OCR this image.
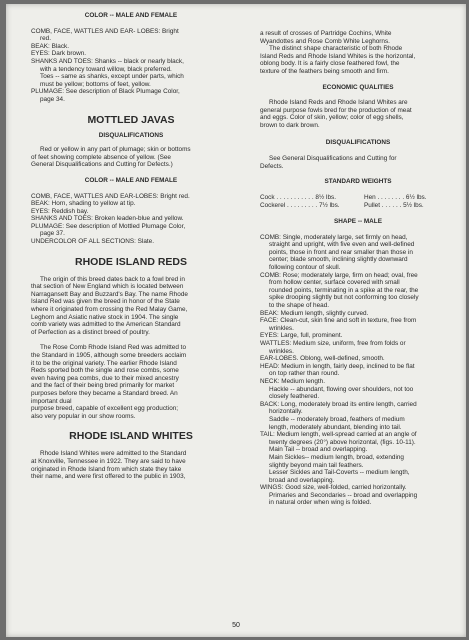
COLOR -- MALE AND FEMALE

COMB, FACE, WATTLES AND EAR- LOBES: Bright

red.

BEAK: Black.

EYES: Dark brown.

SHANKS AND TOES: Shanks -- black or nearly black,

with a tendency toward willow, black preferred.

Toes -- same as shanks, except under parts, which

must be yellow; bottoms of feet, yellow.

PLUMAGE: See description of Black Plumage Color,

page 34.

MOTTLED JAVAS

DISQUALIFICATIONS

Red or yellow in any part of plumage; skin or bottoms

of feet showing complete absence of yellow. (See

General Disqualifications and Cutting for Defects.)

COLOR -- MALE AND FEMALE

COMB, FACE, WATTLES AND EAR-LOBES: Bright red.

BEAK: Horn, shading to yellow at tip.

EYES: Reddish bay.

SHANKS AND TOES: Broken leaden-blue and yellow.

PLUMAGE: See description of Mottled Plumage Color,

page 37.

UNDERCOLOR OF ALL SECTIONS: Slate.

RHODE ISLAND REDS

The origin of this breed dates back to a fowl bred in

that section of New England which is located between

Narragansett Bay and Buzzard's Bay. The name Rhode

Island Red was given the breed in honor of the State

where it originated from crossing the Red Malay Game,

Leghorn and Asiatic native stock in 1904. The single

comb variety was admitted to the American Standard

of Perfection as a distinct breed of poultry.

The Rose Comb Rhode Island Red was admitted to

the Standard in 1905, although some breeders acclaim

it to be the original variety. The earlier Rhode Island

Reds sported both the single and rose combs, some

even having pea combs, due to their mixed ancestry

and the fact of their being bred primarily for market

purposes before they became a Standard breed. An

important dual

purpose breed, capable of excellent egg production;

also very popular in our show rooms.

RHODE ISLAND WHITES

Rhode Island Whites were admitted to the Standard

at Knoxville, Tennessee in 1922. They are said to have

originated in Rhode Island from which state they take

their name, and were first offered to the public in 1903,

a result of crosses of Partridge Cochins, White

Wyandottes and Rose Comb White Leghorns.

The distinct shape characteristic of both Rhode

Island Reds and Rhode Island Whites is the horizontal,

oblong body. It is a fairly close feathered fowl, the

texture of the feathers being smooth and firm.

ECONOMIC QUALITIES

Rhode Island Reds and Rhode Island Whites are

general purpose fowls bred for the production of meat

and eggs. Color of skin, yellow; color of egg shells,

brown to dark brown.

DISQUALIFICATIONS

See General Disqualifications and Cutting for

Defects.

STANDARD WEIGHTS

Cock . . . . . . . . . . . 8½ lbs.	Hen . . . . . . . . 6½ lbs.
Cockerel . . . . . . . . . 7½ lbs.	Pullet . . . . . . 5½ lbs.

SHAPE -- MALE

COMB: Single, moderately large, set firmly on head,

straight and upright, with five even and well-defined

points, those in front and rear smaller than those in

center; blade smooth, inclining slightly downward

following contour of skull.

COMB: Rose; moderately large, firm on head; oval, free

from hollow center, surface covered with small

rounded points, terminating in a spike at the rear, the

spike drooping slightly but not conforming too closely

to the shape of head.

BEAK: Medium length, slightly curved.

FACE: Clean-cut, skin fine and soft in texture, free from

wrinkles.

EYES: Large, full, prominent.

WATTLES: Medium size, uniform, free from folds or

wrinkles.

EAR-LOBES. Oblong, well-defined, smooth.

HEAD: Medium in length, fairly deep, inclined to be flat

on top rather than round.

NECK: Medium length.

Hackle -- abundant, flowing over shoulders, not too

closely feathered.

BACK: Long, moderately broad its entire length, carried

horizontally.

Saddle -- moderately broad, feathers of medium

length, moderately abundant, blending into tail.

TAIL: Medium length, well-spread carried at an angle of

twenty degrees (20°) above horizontal, (figs. 10-11).

Main Tail -- broad and overlapping.

Main Sickles-- medium length, broad, extending

slightly beyond main tail feathers.

Lesser Sickles and Tail-Coverts -- medium length,

broad and overlapping.

WINGS: Good size, well-folded, carried horizontally.

Primaries and Secondaries -- broad and overlapping

in natural order when wing is folded.

50
